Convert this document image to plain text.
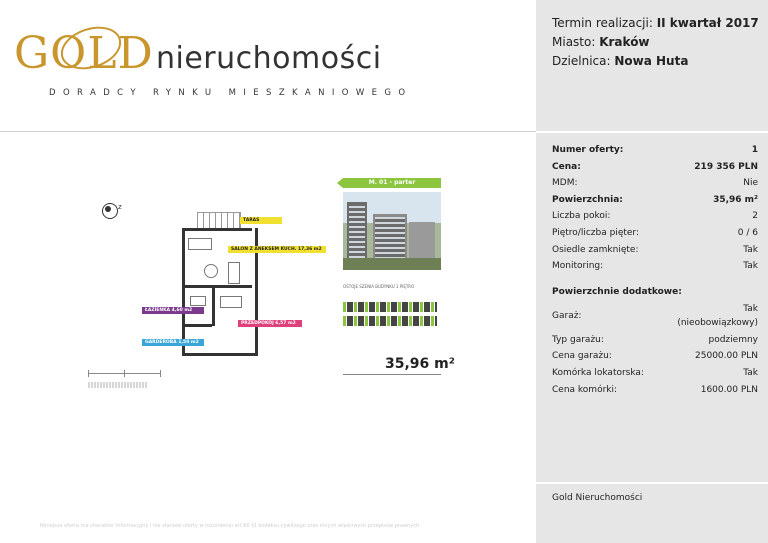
GOLD nieruchomości
DORADCY RYNKU MIESZKANIOWEGO
z
TARAS
SALON Z ANEKSEM KUCH. 17,36 m2
ŁAZIENKA 4,60 m2
PRZEDPOKÓJ 6,57 m2
GARDEROBA 1,50 m2
M. 01 - parter
OSTOJE SZENIA BUDYNKU 1 PIĘTRO
35,96 m²
Niniejsza oferta ma charakter informacyjny i nie stanowi oferty w rozumieniu art.66 §1 kodeksu cywilnego oraz innych właściwych przepisów prawnych
Termin realizacji: II kwartał 2017
Miasto: Kraków
Dzielnica: Nowa Huta
Numer oferty:	1
Cena:	219 356 PLN
MDM:	Nie
Powierzchnia:	35,96 m²
Liczba pokoi:	2
Piętro/liczba pięter:	0 / 6
Osiedle zamknięte:	Tak
Monitoring:	Tak
Powierzchnie dodatkowe:
Garaż:
Tak
(nieobowiązkowy)
Typ garażu:	podziemny
Cena garażu:	25000.00 PLN
Komórka lokatorska:	Tak
Cena komórki:	1600.00 PLN
Gold Nieruchomości
